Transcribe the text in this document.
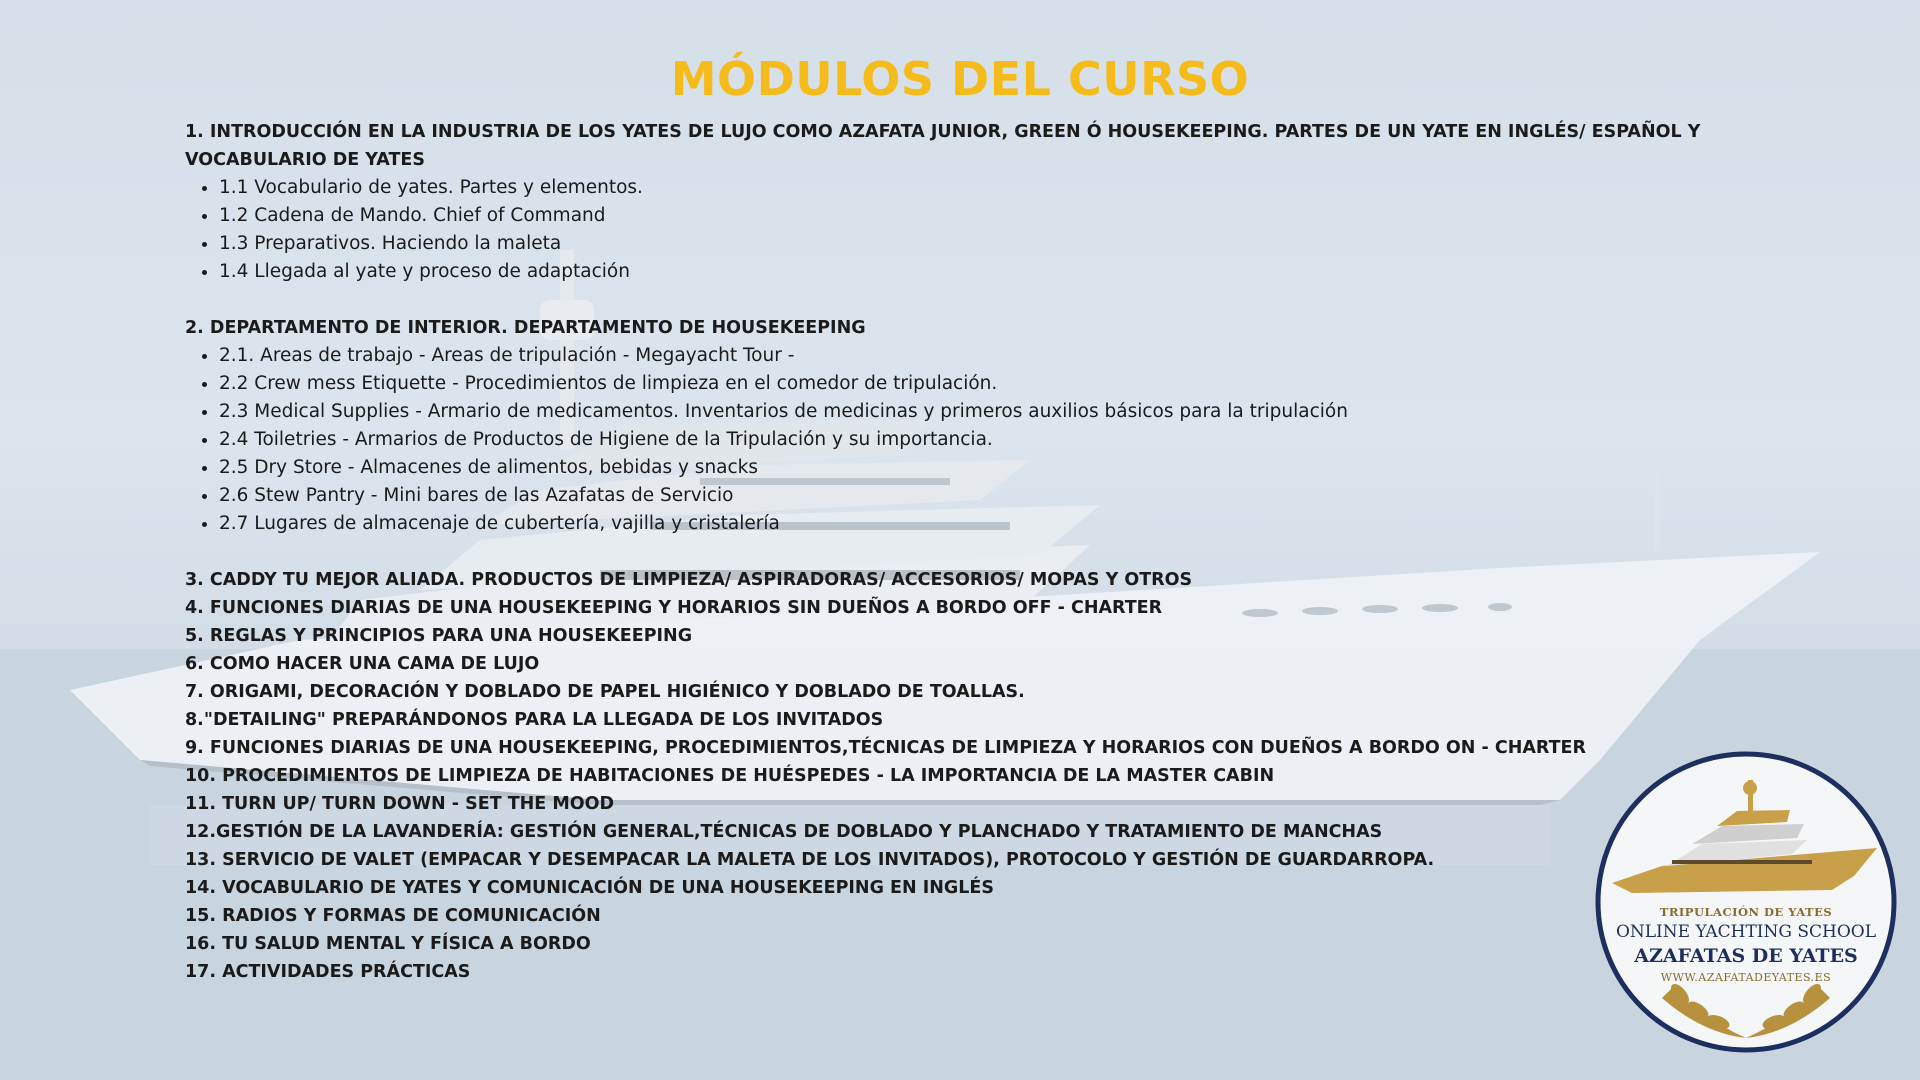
MÓDULOS DEL CURSO
1. INTRODUCCIÓN EN LA INDUSTRIA DE LOS YATES DE LUJO COMO AZAFATA JUNIOR, GREEN Ó HOUSEKEEPING. PARTES DE UN YATE EN INGLÉS/ ESPAÑOL Y VOCABULARIO DE YATES
• 1.1 Vocabulario de yates. Partes y elementos.
• 1.2 Cadena de Mando. Chief of Command
• 1.3 Preparativos. Haciendo la maleta
• 1.4 Llegada al yate y proceso de adaptación
2. DEPARTAMENTO DE INTERIOR. DEPARTAMENTO DE HOUSEKEEPING
• 2.1. Areas de trabajo - Areas de tripulación - Megayacht Tour -
• 2.2 Crew mess Etiquette - Procedimientos de limpieza en el comedor de tripulación.
• 2.3 Medical Supplies - Armario de medicamentos. Inventarios de medicinas y primeros auxilios básicos para la tripulación
• 2.4 Toiletries - Armarios de Productos de Higiene de la Tripulación y su importancia.
• 2.5 Dry Store - Almacenes de alimentos, bebidas y snacks
• 2.6 Stew Pantry - Mini bares de las Azafatas de Servicio
• 2.7 Lugares de almacenaje de cubertería, vajilla y cristalería
3. CADDY TU MEJOR ALIADA. PRODUCTOS DE LIMPIEZA/ ASPIRADORAS/ ACCESORIOS/ MOPAS Y OTROS
4. FUNCIONES DIARIAS DE UNA HOUSEKEEPING Y HORARIOS SIN DUEÑOS A BORDO OFF - CHARTER
5. REGLAS Y PRINCIPIOS PARA UNA HOUSEKEEPING
6. COMO HACER UNA CAMA DE LUJO
7. ORIGAMI, DECORACIÓN Y DOBLADO DE PAPEL HIGIÉNICO Y DOBLADO DE TOALLAS.
8."DETAILING" PREPARÁNDONOS PARA LA LLEGADA DE LOS INVITADOS
9. FUNCIONES DIARIAS DE UNA HOUSEKEEPING, PROCEDIMIENTOS,TÉCNICAS DE LIMPIEZA Y HORARIOS CON DUEÑOS A BORDO ON - CHARTER
10. PROCEDIMIENTOS DE LIMPIEZA DE HABITACIONES DE HUÉSPEDES - LA IMPORTANCIA DE LA MASTER CABIN
11. TURN UP/ TURN DOWN - SET THE MOOD
12.GESTIÓN DE LA LAVANDERÍA: GESTIÓN GENERAL,TÉCNICAS DE DOBLADO Y PLANCHADO Y TRATAMIENTO DE MANCHAS
13. SERVICIO DE VALET (EMPACAR Y DESEMPACAR LA MALETA DE LOS INVITADOS), PROTOCOLO Y GESTIÓN DE GUARDARROPA.
14. VOCABULARIO DE YATES Y COMUNICACIÓN DE UNA HOUSEKEEPING EN INGLÉS
15. RADIOS Y FORMAS DE COMUNICACIÓN
16. TU SALUD MENTAL Y FÍSICA A BORDO
17. ACTIVIDADES PRÁCTICAS
TRIPULACIÓN DE YATES
ONLINE YACHTING SCHOOL
AZAFATAS DE YATES
WWW.AZAFATADEYATES.ES
